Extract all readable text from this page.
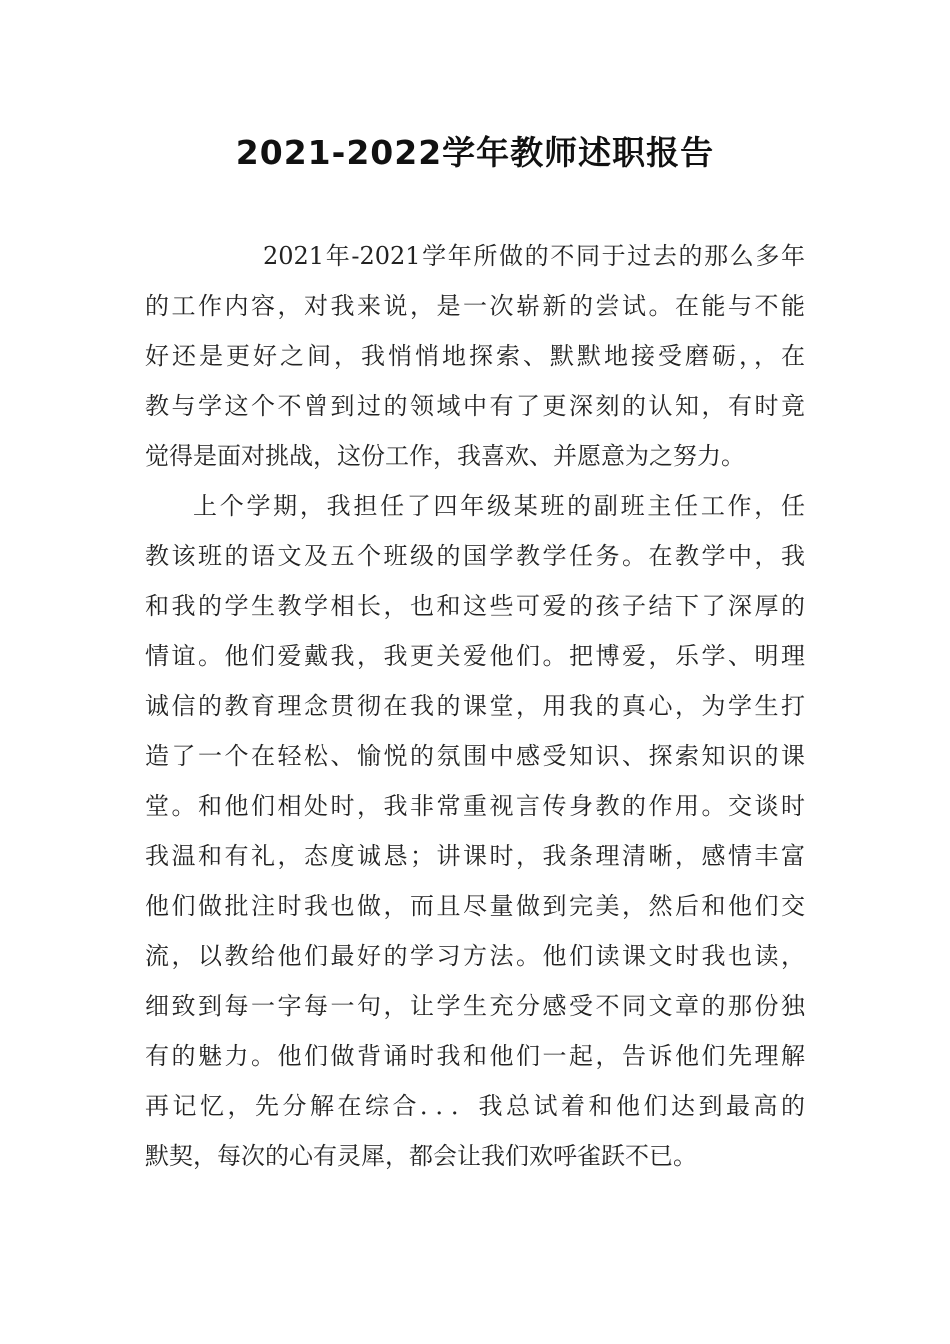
2021-2022学年教师述职报告
2021年-2021学年所做的不同于过去的那么多年
的工作内容，对我来说，是一次崭新的尝试。在能与不能
好还是更好之间，我悄悄地探索、默默地接受磨砺，，在
教与学这个不曾到过的领域中有了更深刻的认知，有时竟
觉得是面对挑战，这份工作，我喜欢、并愿意为之努力。
上个学期，我担任了四年级某班的副班主任工作，任
教该班的语文及五个班级的国学教学任务。在教学中，我
和我的学生教学相长，也和这些可爱的孩子结下了深厚的
情谊。他们爱戴我，我更关爱他们。把博爱，乐学、明理
诚信的教育理念贯彻在我的课堂，用我的真心，为学生打
造了一个在轻松、愉悦的氛围中感受知识、探索知识的课
堂。和他们相处时，我非常重视言传身教的作用。交谈时
我温和有礼，态度诚恳；讲课时，我条理清晰，感情丰富
他们做批注时我也做，而且尽量做到完美，然后和他们交
流，以教给他们最好的学习方法。他们读课文时我也读，
细致到每一字每一句，让学生充分感受不同文章的那份独
有的魅力。他们做背诵时我和他们一起，告诉他们先理解
再记忆，先分解在综合．．．我总试着和他们达到最高的
默契，每次的心有灵犀，都会让我们欢呼雀跃不已。
